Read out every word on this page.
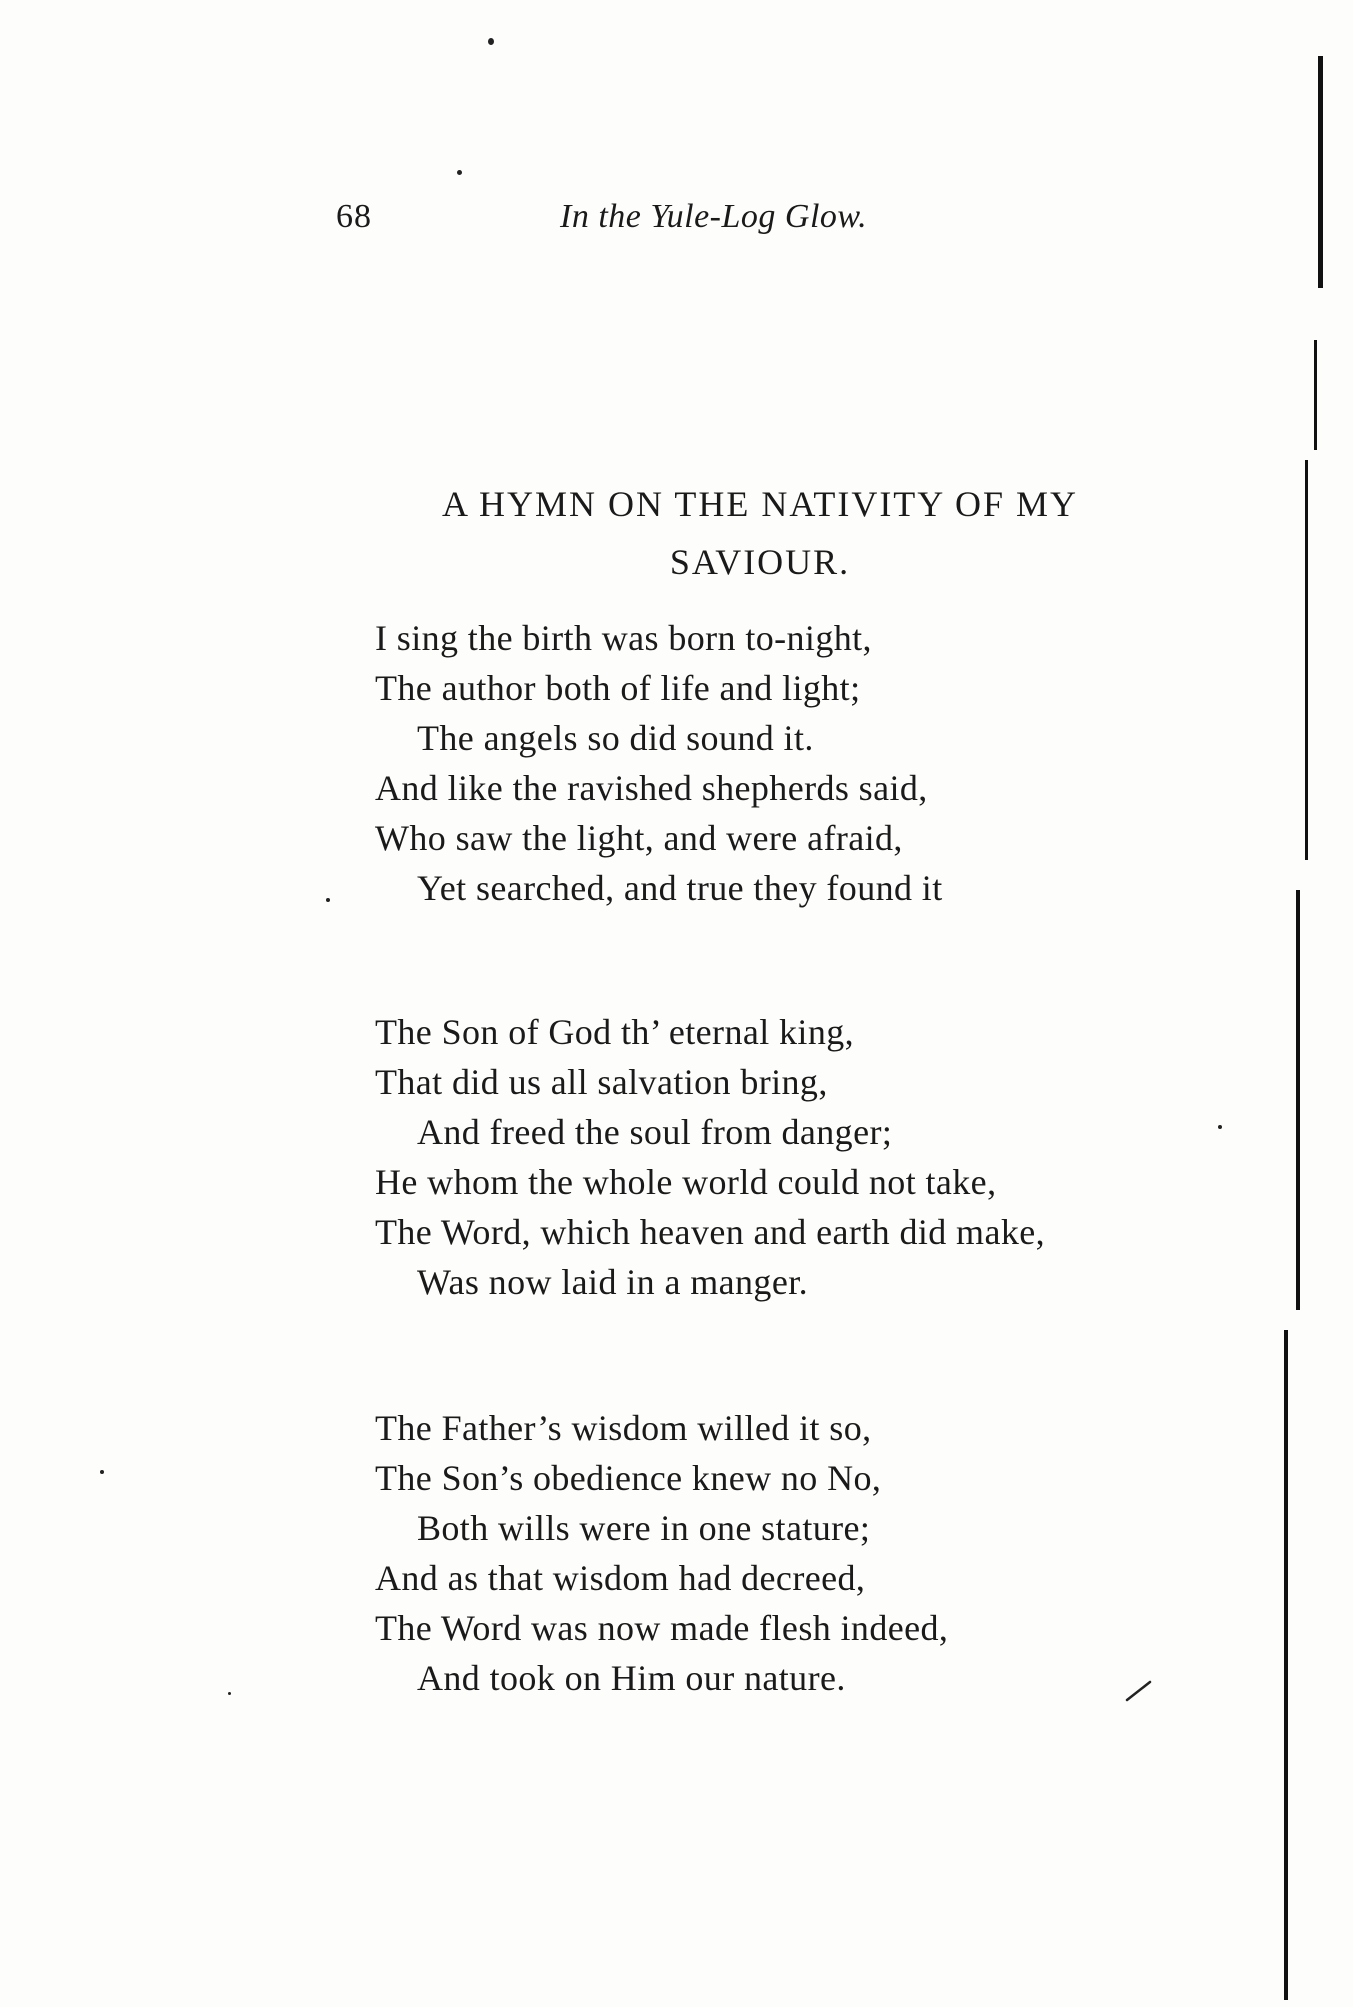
68	In the Yule-Log Glow.
A HYMN ON THE NATIVITY OF MY
SAVIOUR.
I sing the birth was born to-night,
The author both of life and light;
The angels so did sound it.
And like the ravished shepherds said,
Who saw the light, and were afraid,
Yet searched, and true they found it
The Son of God th’ eternal king,
That did us all salvation bring,
And freed the soul from danger;
He whom the whole world could not take,
The Word, which heaven and earth did make,
Was now laid in a manger.
The Father’s wisdom willed it so,
The Son’s obedience knew no No,
Both wills were in one stature;
And as that wisdom had decreed,
The Word was now made flesh indeed,
And took on Him our nature.
